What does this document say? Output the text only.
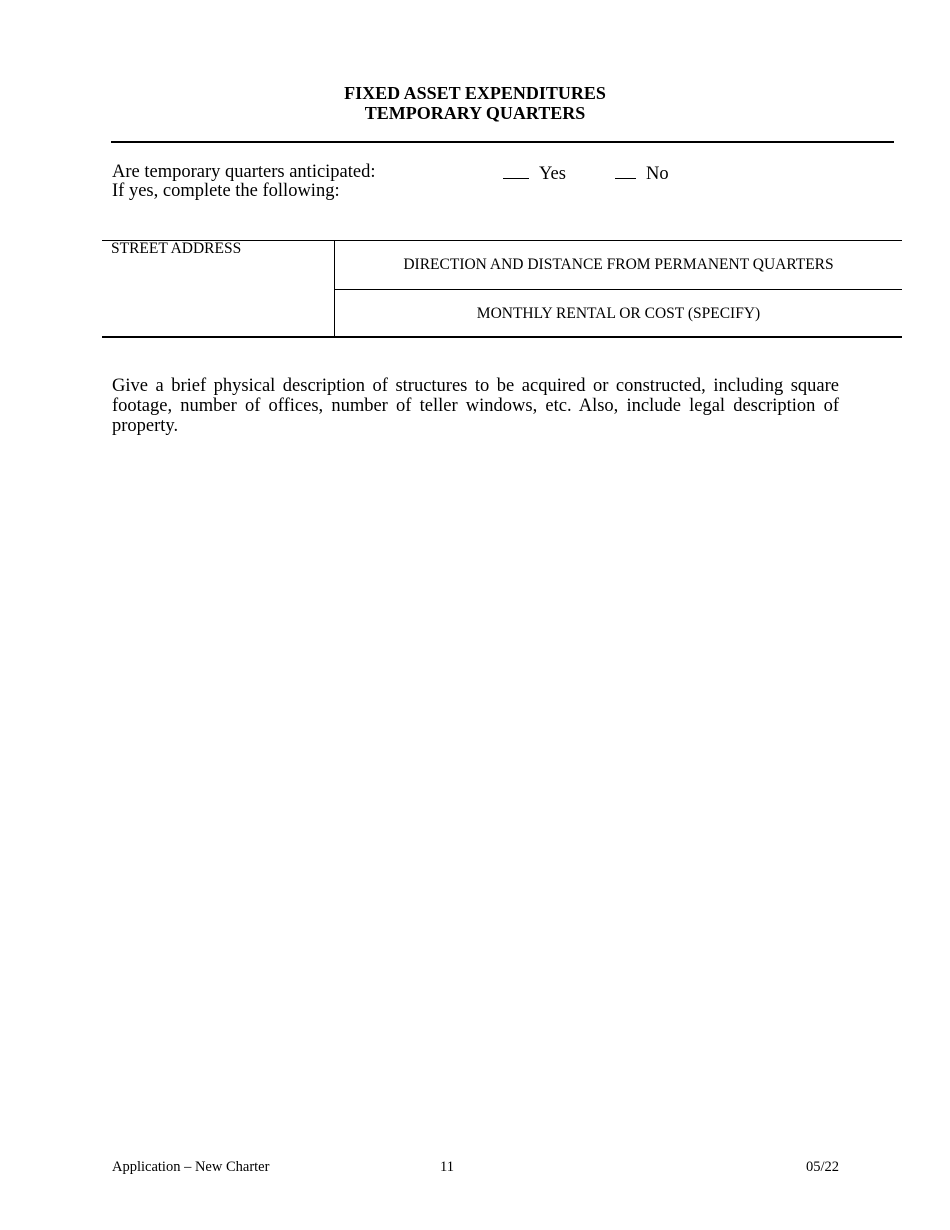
FIXED ASSET EXPENDITURES
TEMPORARY QUARTERS
Are temporary quarters anticipated:
If yes, complete the following:
Yes	No
STREET ADDRESS
DIRECTION AND DISTANCE FROM PERMANENT QUARTERS
MONTHLY RENTAL OR COST (SPECIFY)
Give a brief physical description of structures to be acquired or constructed, including square footage, number of offices, number of teller windows, etc. Also, include legal description of property.
Application – New Charter	11	05/22
